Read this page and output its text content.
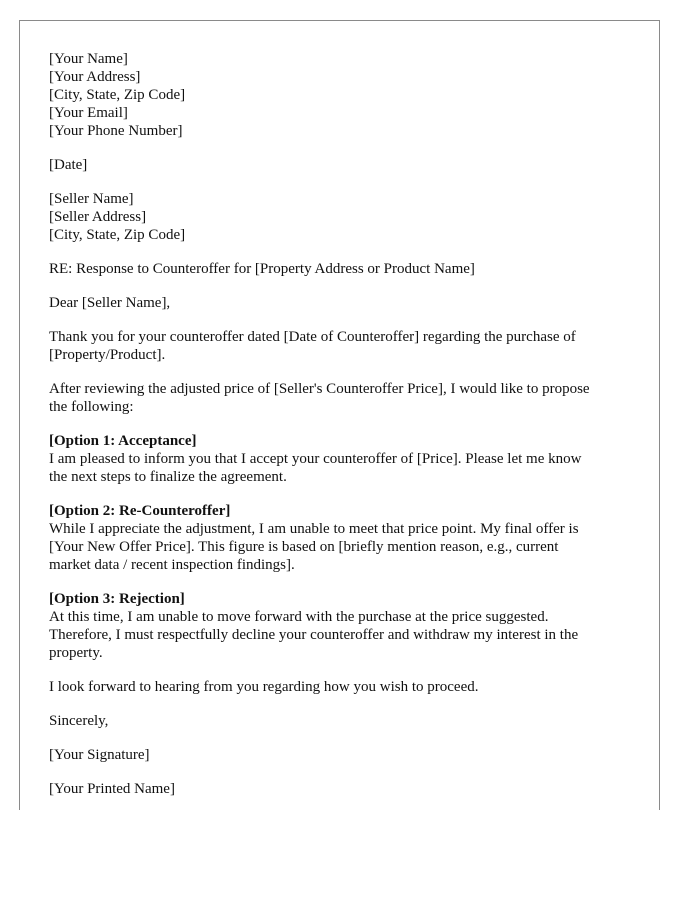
[Your Name]
[Your Address]
[City, State, Zip Code]
[Your Email]
[Your Phone Number]
[Date]
[Seller Name]
[Seller Address]
[City, State, Zip Code]
RE: Response to Counteroffer for [Property Address or Product Name]
Dear [Seller Name],
Thank you for your counteroffer dated [Date of Counteroffer] regarding the purchase of
[Property/Product].
After reviewing the adjusted price of [Seller's Counteroffer Price], I would like to propose
the following:
[Option 1: Acceptance]
I am pleased to inform you that I accept your counteroffer of [Price]. Please let me know
the next steps to finalize the agreement.
[Option 2: Re-Counteroffer]
While I appreciate the adjustment, I am unable to meet that price point. My final offer is
[Your New Offer Price]. This figure is based on [briefly mention reason, e.g., current
market data / recent inspection findings].
[Option 3: Rejection]
At this time, I am unable to move forward with the purchase at the price suggested.
Therefore, I must respectfully decline your counteroffer and withdraw my interest in the
property.
I look forward to hearing from you regarding how you wish to proceed.
Sincerely,
[Your Signature]
[Your Printed Name]
